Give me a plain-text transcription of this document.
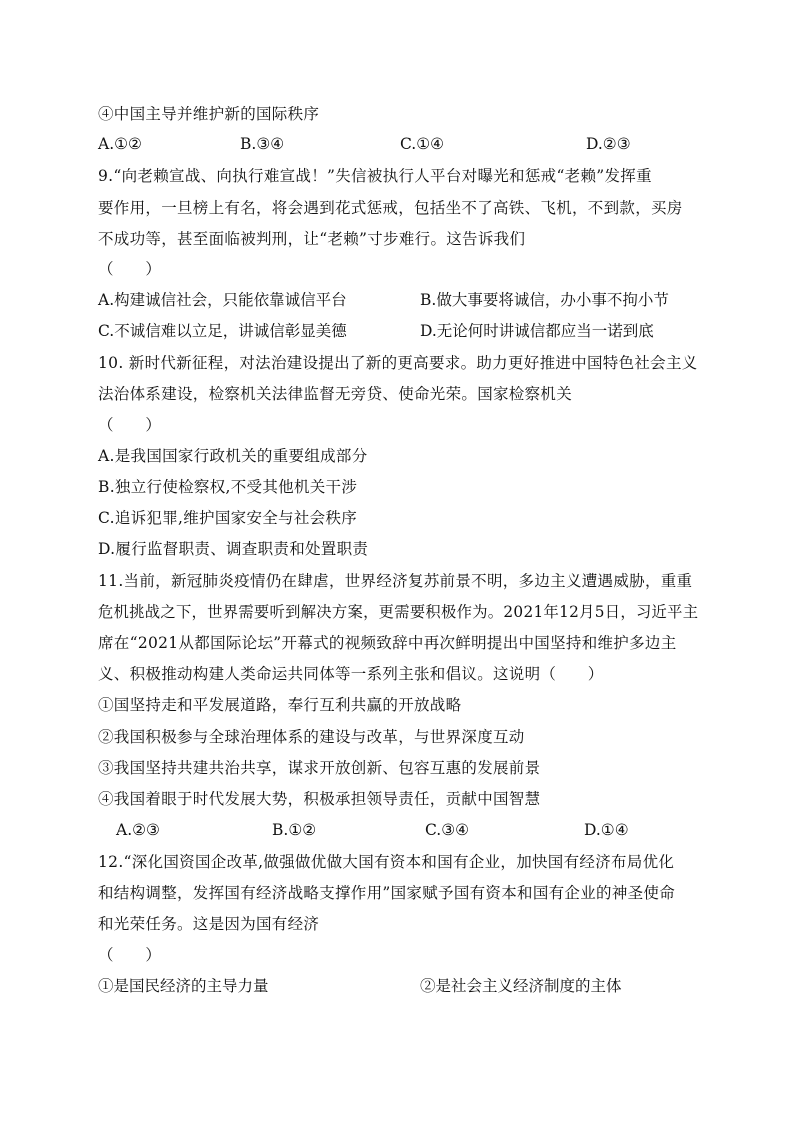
④中国主导并维护新的国际秩序
A.①②	B.③④	C.①④	D.②③
9.“向老赖宣战、向执行难宣战！”失信被执行人平台对曝光和惩戒“老赖”发挥重
要作用，一旦榜上有名，将会遇到花式惩戒，包括坐不了高铁、飞机，不到款，买房
不成功等，甚至面临被判刑，让“老赖”寸步难行。这告诉我们
（　　）
A.构建诚信社会，只能依靠诚信平台	B.做大事要将诚信，办小事不拘小节
C.不诚信难以立足，讲诚信彰显美德	D.无论何时讲诚信都应当一诺到底
10. 新时代新征程，对法治建设提出了新的更高要求。助力更好推进中国特色社会主义
法治体系建设，检察机关法律监督无旁贷、使命光荣。国家检察机关
（　　）
A.是我国国家行政机关的重要组成部分
B.独立行使检察权,不受其他机关干涉
C.追诉犯罪,维护国家安全与社会秩序
D.履行监督职责、调查职责和处置职责
11.当前，新冠肺炎疫情仍在肆虐，世界经济复苏前景不明，多边主义遭遇威胁，重重
危机挑战之下，世界需要听到解决方案，更需要积极作为。2021年12月5日，习近平主
席在“2021从都国际论坛”开幕式的视频致辞中再次鲜明提出中国坚持和维护多边主
义、积极推动构建人类命运共同体等一系列主张和倡议。这说明（　　）
①国坚持走和平发展道路，奉行互利共赢的开放战略
②我国积极参与全球治理体系的建设与改革，与世界深度互动
③我国坚持共建共治共享，谋求开放创新、包容互惠的发展前景
④我国着眼于时代发展大势，积极承担领导责任，贡献中国智慧
A.②③	B.①②	C.③④	D.①④
12.“深化国资国企改革,做强做优做大国有资本和国有企业，加快国有经济布局优化
和结构调整，发挥国有经济战略支撑作用”国家赋予国有资本和国有企业的神圣使命
和光荣任务。这是因为国有经济
（　　）
①是国民经济的主导力量	②是社会主义经济制度的主体
